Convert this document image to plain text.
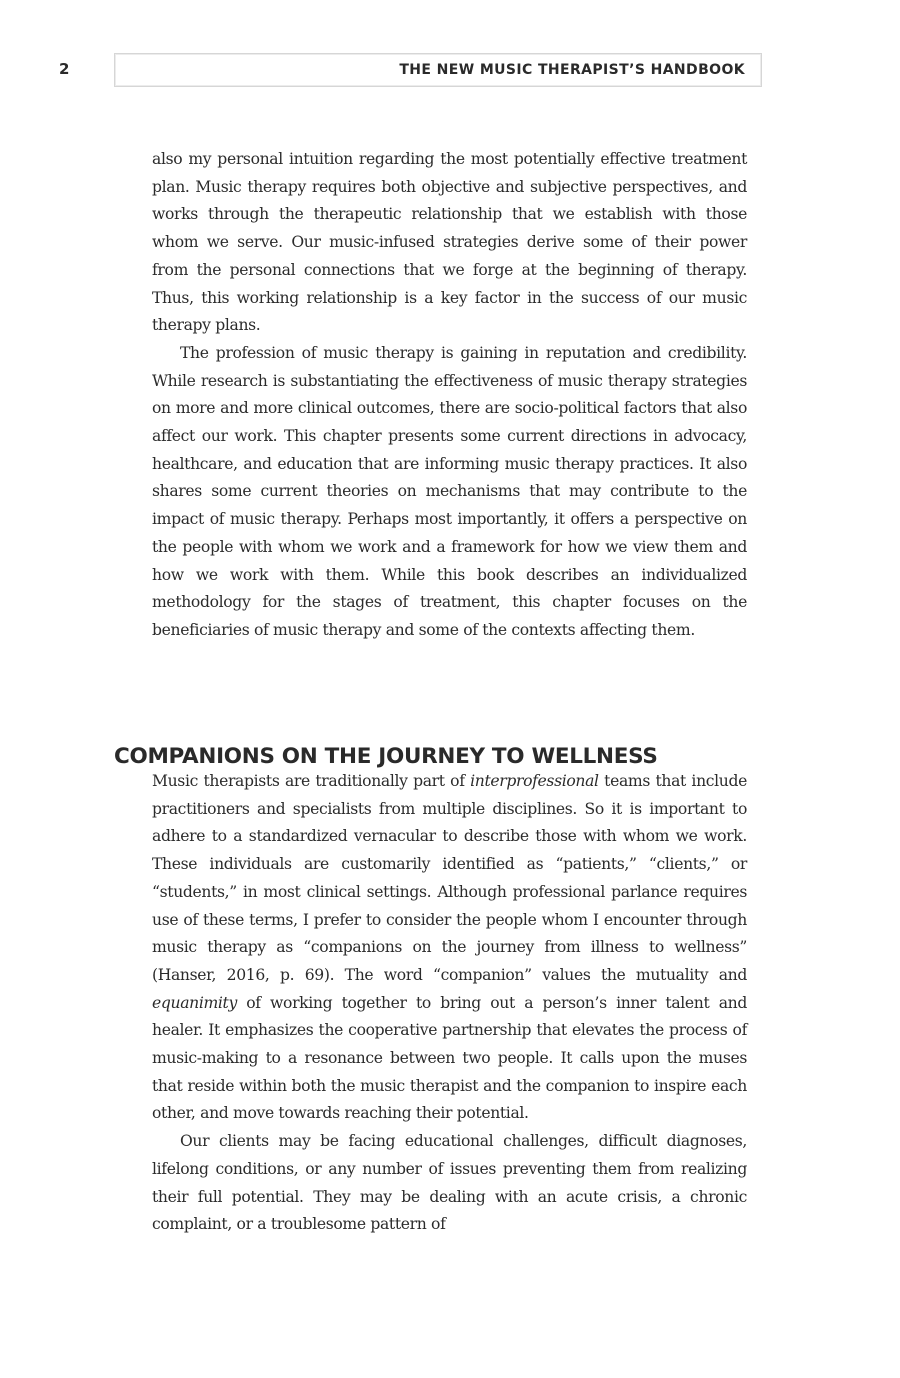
2	THE NEW MUSIC THERAPIST’S HANDBOOK

also my personal intuition regarding the most potentially effective treatment plan. Music therapy requires both objective and subjective perspectives, and works through the therapeutic relationship that we establish with those whom we serve. Our music-infused strategies derive some of their power from the personal connections that we forge at the beginning of therapy. Thus, this working relationship is a key factor in the success of our music therapy plans.

The profession of music therapy is gaining in reputation and credibility. While research is substantiating the effectiveness of music therapy strategies on more and more clinical outcomes, there are socio-political factors that also affect our work. This chapter presents some current directions in advocacy, healthcare, and education that are informing music therapy practices. It also shares some current theories on mechanisms that may contribute to the impact of music therapy. Perhaps most importantly, it offers a perspective on the people with whom we work and a framework for how we view them and how we work with them. While this book describes an individualized methodology for the stages of treatment, this chapter focuses on the beneficiaries of music therapy and some of the contexts affecting them.

COMPANIONS ON THE JOURNEY TO WELLNESS

Music therapists are traditionally part of interprofessional teams that include practitioners and specialists from multiple disciplines. So it is important to adhere to a standardized vernacular to describe those with whom we work. These individuals are customarily identified as “patients,” “clients,” or “students,” in most clinical settings. Although professional parlance requires use of these terms, I prefer to consider the people whom I encounter through music therapy as “companions on the journey from illness to wellness” (Hanser, 2016, p. 69). The word “companion” values the mutuality and equanimity of working together to bring out a person’s inner talent and healer. It emphasizes the cooperative partnership that elevates the process of music-making to a resonance between two people. It calls upon the muses that reside within both the music therapist and the companion to inspire each other, and move towards reaching their potential.

Our clients may be facing educational challenges, difficult diagnoses, lifelong conditions, or any number of issues preventing them from realizing their full potential. They may be dealing with an acute crisis, a chronic complaint, or a troublesome pattern of
